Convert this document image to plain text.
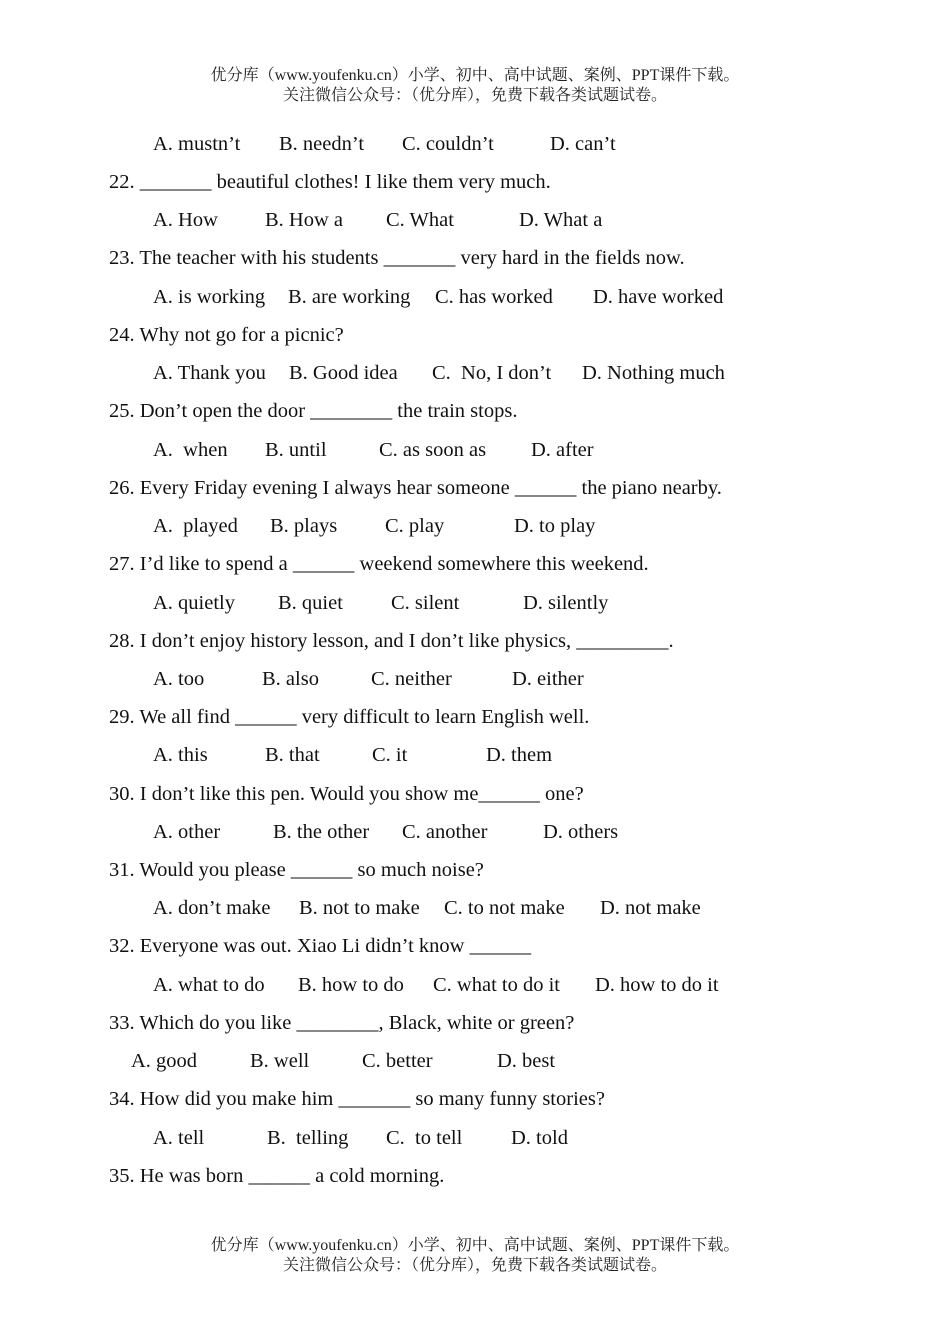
优分库（www.youfenku.cn）小学、初中、高中试题、案例、PPT课件下载。
关注微信公众号：（优分库），免费下载各类试题试卷。
A. mustn’t B. needn’t C. couldn’t	D. can’t
22. _______ beautiful clothes! I like them very much.
A. How B. How a C. What	D. What a
23. The teacher with his students _______ very hard in the fields now.
A. is working B. are working C. has worked D. have worked
24. Why not go for a picnic?
A. Thank you B. Good idea C.  No, I don’t D. Nothing much
25. Don’t open the door ________ the train stops.
A.  when B. until	C. as soon as D. after
26. Every Friday evening I always hear someone ______ the piano nearby.
A.  played B. plays C. play	D. to play
27. I’d like to spend a ______ weekend somewhere this weekend.
A. quietly B. quiet C. silent	D. silently
28. I don’t enjoy history lesson, and I don’t like physics, _________.
A. too	B. also	C. neither	D. either
29. We all find ______ very difficult to learn English well.
A. this	B. that	C. it	D. them
30. I don’t like this pen. Would you show me______ one?
A. other	B. the other C. another	D. others
31. Would you please ______ so much noise?
A. don’t make B. not to make C. to not make D. not make
32. Everyone was out. Xiao Li didn’t know ______
A. what to do B. how to do C. what to do it D. how to do it
33. Which do you like ________, Black, white or green?
A. good	B. well	C. better	D. best
34. How did you make him _______ so many funny stories?
A. tell	B.  telling C.  to tell D. told
35. He was born ______ a cold morning.
优分库（www.youfenku.cn）小学、初中、高中试题、案例、PPT课件下载。
关注微信公众号：（优分库），免费下载各类试题试卷。
